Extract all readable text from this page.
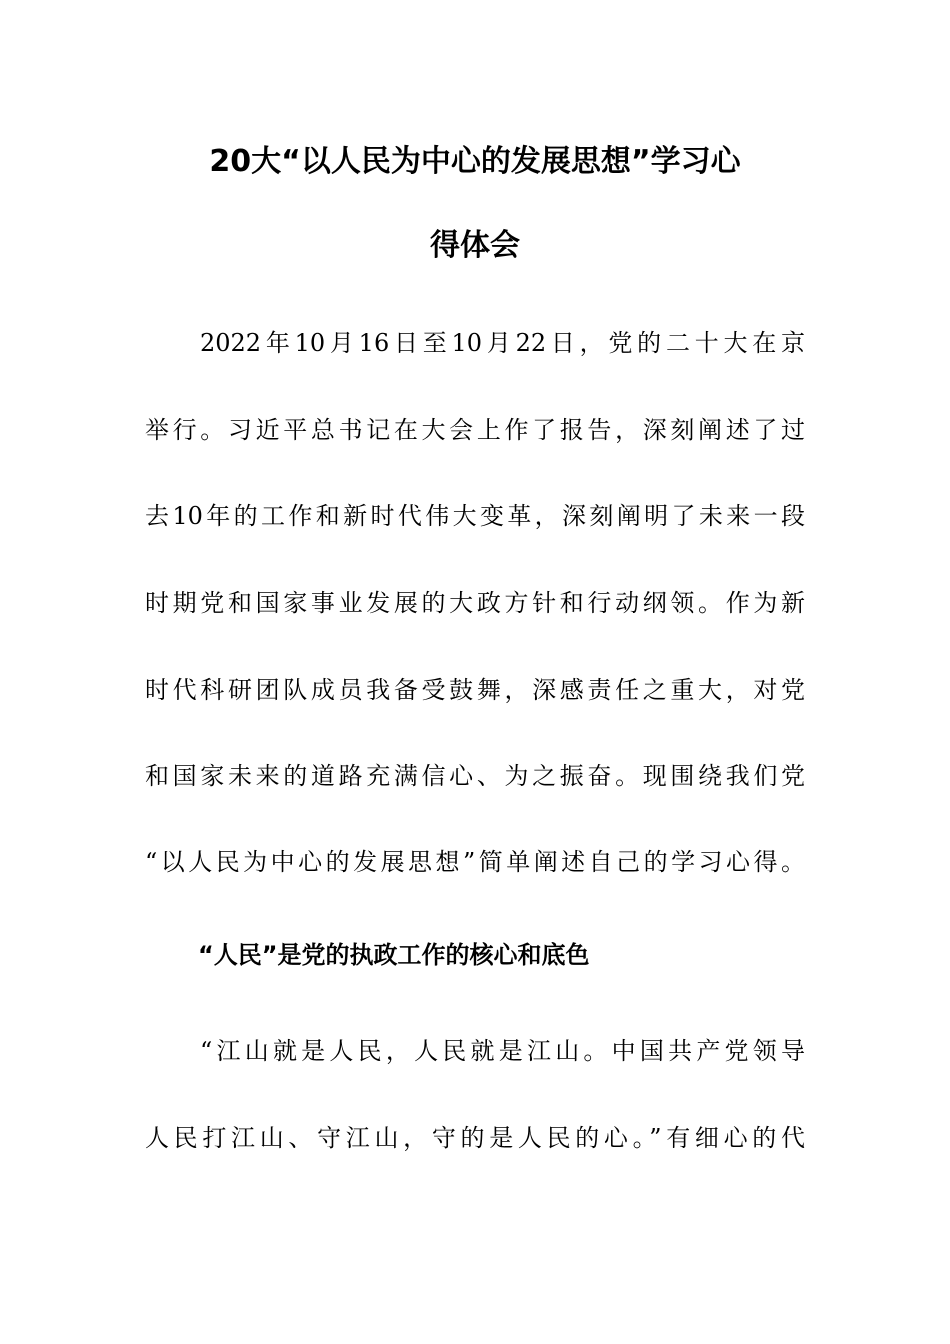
20大“以人民为中心的发展思想”学习心
得体会
2022年10月16日至10月22日，党的二十大在京
举行。习近平总书记在大会上作了报告，深刻阐述了过
去10年的工作和新时代伟大变革，深刻阐明了未来一段
时期党和国家事业发展的大政方针和行动纲领。作为新
时代科研团队成员我备受鼓舞，深感责任之重大，对党
和国家未来的道路充满信心、为之振奋。现围绕我们党
“以人民为中心的发展思想”简单阐述自己的学习心得。
“人民”是党的执政工作的核心和底色
“江山就是人民，人民就是江山。中国共产党领导
人民打江山、守江山，守的是人民的心。”有细心的代
